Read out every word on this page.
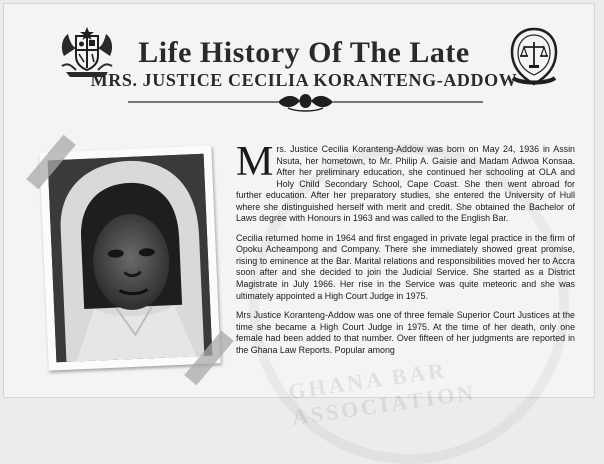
GHANA BAR ASSOCIATION
Life History Of The Late
MRS. JUSTICE CECILIA KORANTENG-ADDOW

Mrs. Justice Cecilia Koranteng-Addow was born on May 24, 1936 in Assin Nsuta, her hometown, to Mr. Philip A. Gaisie and Madam Adwoa Konsaa. After her preliminary education, she continued her schooling at OLA and Holy Child Secondary School, Cape Coast. She then went abroad for further education. After her preparatory studies, she entered the University of Hull where she distinguished herself with merit and credit. She obtained the Bachelor of Laws degree with Honours in 1963 and was called to the English Bar.

Cecilia returned home in 1964 and first engaged in private legal practice in the firm of Opoku Acheampong and Company. There she immediately showed great promise, rising to eminence at the Bar. Marital relations and responsibilities moved her to Accra soon after and she decided to join the Judicial Service. She started as a District Magistrate in July 1966. Her rise in the Service was quite meteoric and she was ultimately appointed a High Court Judge in 1975.

Mrs Justice Koranteng-Addow was one of three female Superior Court Justices at the time she became a High Court Judge in 1975. At the time of her death, only one female had been added to that number. Over fifteen of her judgments are reported in the Ghana Law Reports. Popular among
